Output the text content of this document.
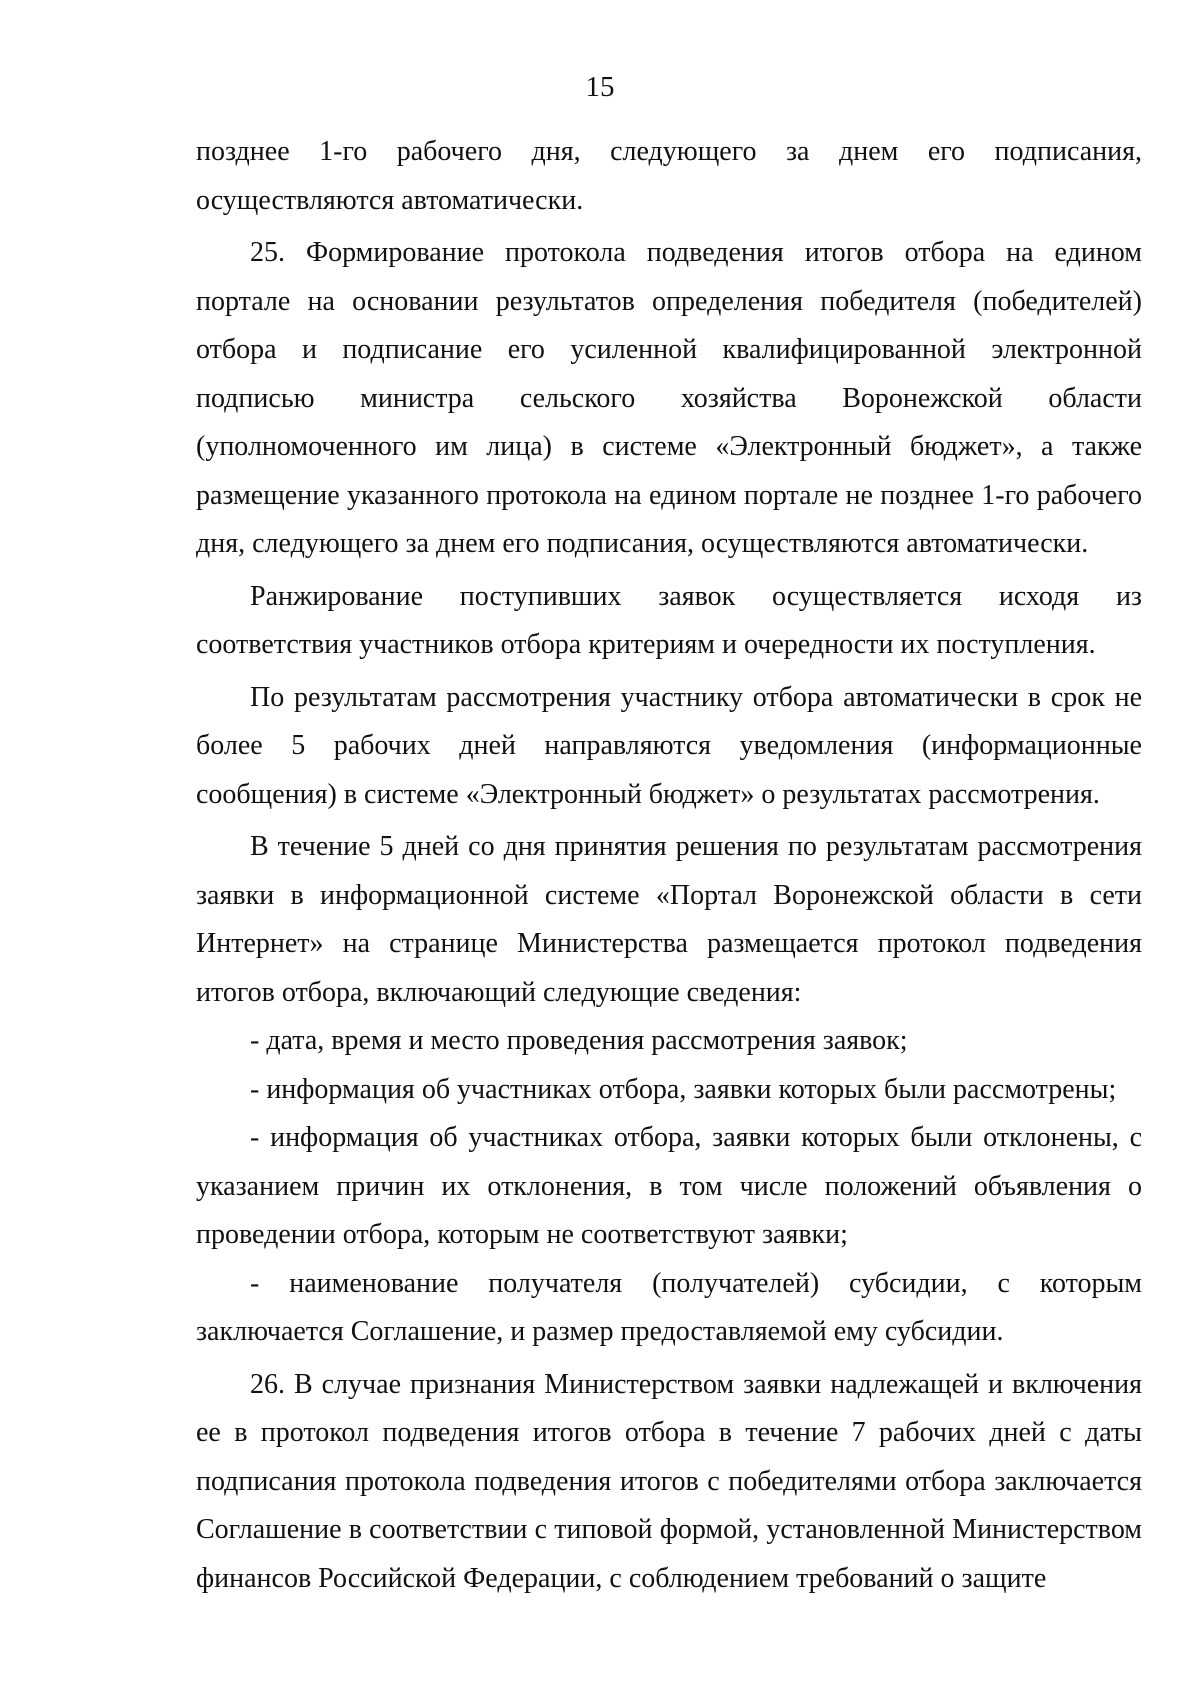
15

позднее 1-го рабочего дня, следующего за днем его подписания, осуществляются автоматически.

25. Формирование протокола подведения итогов отбора на едином портале на основании результатов определения победителя (победителей) отбора и подписание его усиленной квалифицированной электронной подписью министра сельского хозяйства Воронежской области (уполномоченного им лица) в системе «Электронный бюджет», а также размещение указанного протокола на едином портале не позднее 1-го рабочего дня, следующего за днем его подписания, осуществляются автоматически.

Ранжирование поступивших заявок осуществляется исходя из соответствия участников отбора критериям и очередности их поступления.

По результатам рассмотрения участнику отбора автоматически в срок не более 5 рабочих дней направляются уведомления (информационные сообщения) в системе «Электронный бюджет» о результатах рассмотрения.

В течение 5 дней со дня принятия решения по результатам рассмотрения заявки в информационной системе «Портал Воронежской области в сети Интернет» на странице Министерства размещается протокол подведения итогов отбора, включающий следующие сведения:

- дата, время и место проведения рассмотрения заявок;

- информация об участниках отбора, заявки которых были рассмотрены;

- информация об участниках отбора, заявки которых были отклонены, с указанием причин их отклонения, в том числе положений объявления о проведении отбора, которым не соответствуют заявки;

- наименование получателя (получателей) субсидии, с которым заключается Соглашение, и размер предоставляемой ему субсидии.

26. В случае признания Министерством заявки надлежащей и включения ее в протокол подведения итогов отбора в течение 7 рабочих дней с даты подписания протокола подведения итогов с победителями отбора заключается Соглашение в соответствии с типовой формой, установленной Министерством финансов Российской Федерации, с соблюдением требований о защите
